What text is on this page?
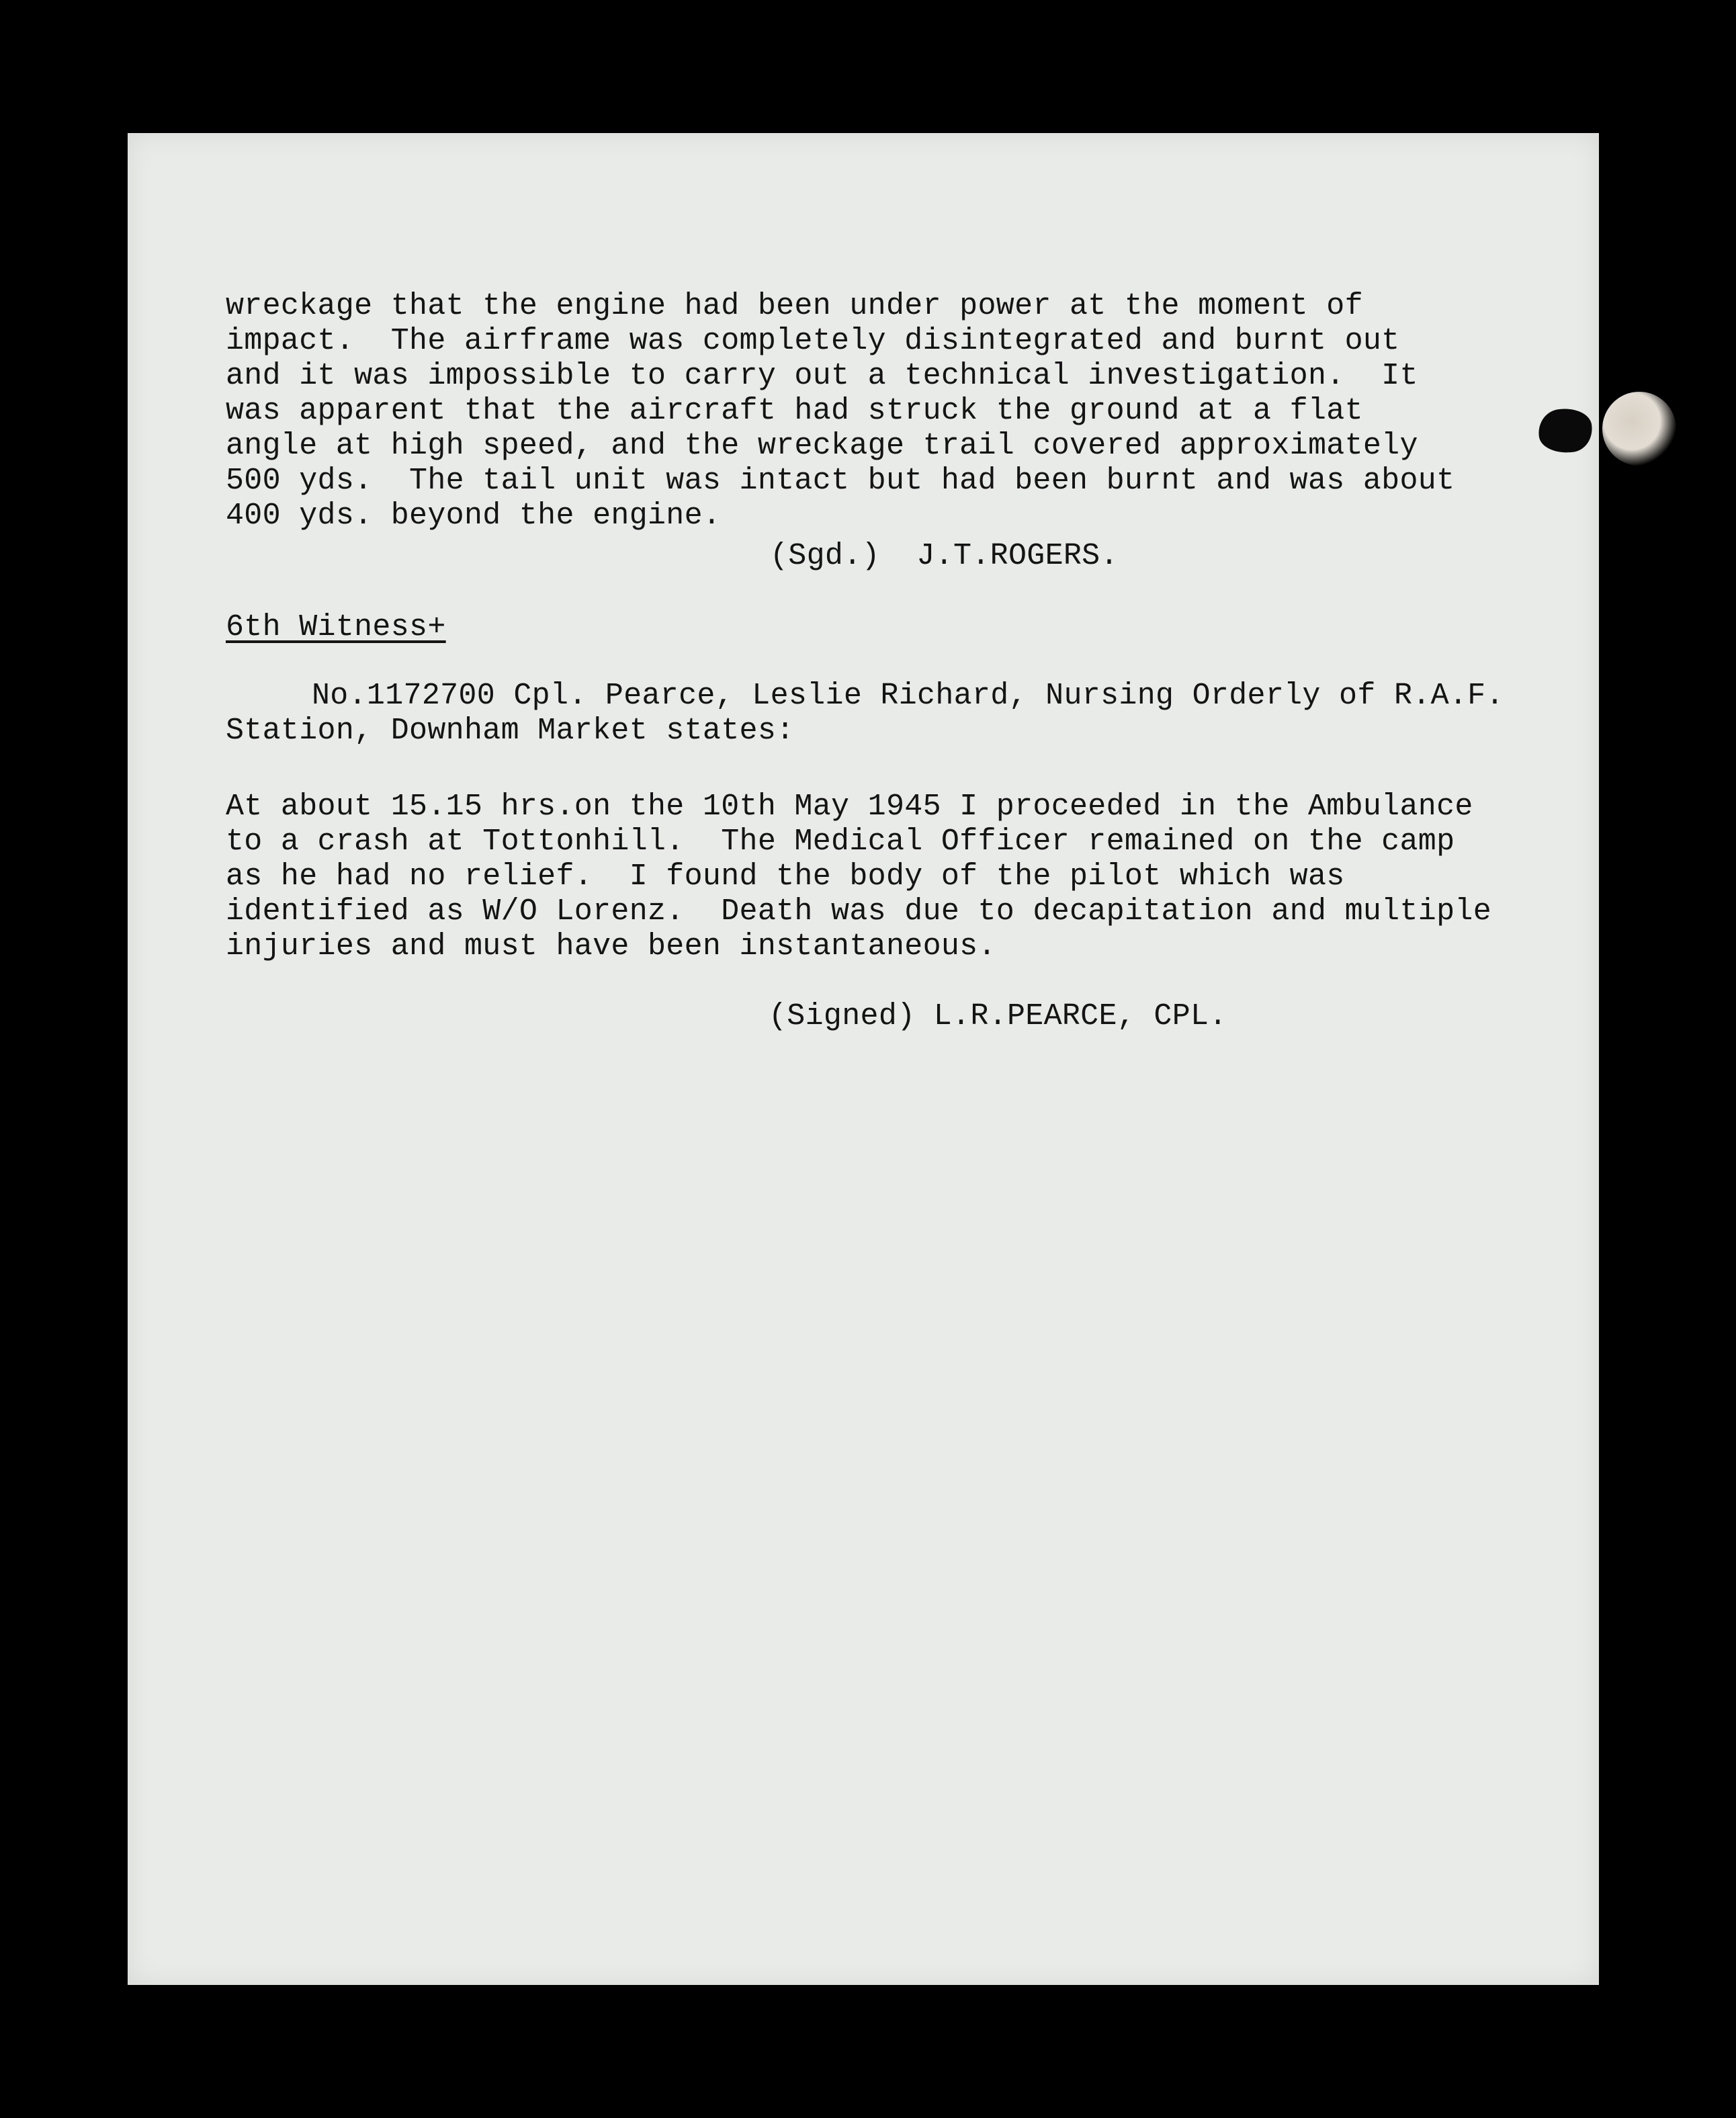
wreckage that the engine had been under power at the moment of
impact.  The airframe was completely disintegrated and burnt out
and it was impossible to carry out a technical investigation.  It
was apparent that the aircraft had struck the ground at a flat
angle at high speed, and the wreckage trail covered approximately
500 yds.  The tail unit was intact but had been burnt and was about
400 yds. beyond the engine.
(Sgd.)  J.T.ROGERS.
6th Witness+
No.1172700 Cpl. Pearce, Leslie Richard, Nursing Orderly of R.A.F.
Station, Downham Market states:
At about 15.15 hrs.on the 10th May 1945 I proceeded in the Ambulance
to a crash at Tottonhill.  The Medical Officer remained on the camp
as he had no relief.  I found the body of the pilot which was
identified as W/O Lorenz.  Death was due to decapitation and multiple
injuries and must have been instantaneous.
(Signed) L.R.PEARCE, CPL.
